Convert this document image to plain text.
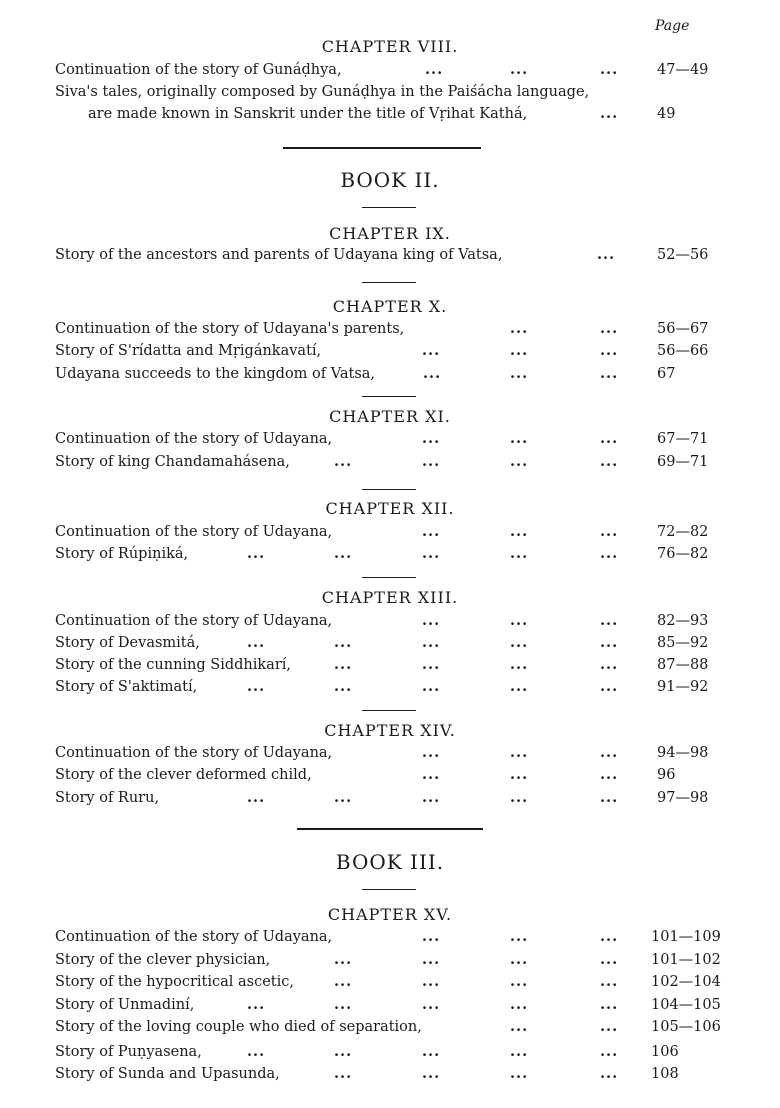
Page
CHAPTER VIII.
Continuation of the story of Gunáḍhya,	...	...	...	47—49
Siva's tales, originally composed by Gunáḍhya in the Paiśácha language,
are made known in Sanskrit under the title of Vṛihat Kathá,	...	49
BOOK II.
CHAPTER IX.
Story of the ancestors and parents of Udayana king of Vatsa,	...	52—56
CHAPTER X.
Continuation of the story of Udayana's parents,	...	...	56—67
Story of S'rídatta and Mṛigánkavatí,	...	...	...	56—66
Udayana succeeds to the kingdom of Vatsa,	...	...	...	67
CHAPTER XI.
Continuation of the story of Udayana,	...	...	...	67—71
Story of king Chandamahásena,	...	...	...	...	69—71
CHAPTER XII.
Continuation of the story of Udayana,	...	...	...	72—82
Story of Rúpiṇiká,	...	...	...	...	...	76—82
CHAPTER XIII.
Continuation of the story of Udayana,	...	...	...	82—93
Story of Devasmitá,	...	...	...	...	...	85—92
Story of the cunning Siddhikarí,	...	...	...	...	87—88
Story of S'aktimatí,	...	...	...	...	...	91—92
CHAPTER XIV.
Continuation of the story of Udayana,	...	...	...	94—98
Story of the clever deformed child,	...	...	...	96
Story of Ruru,	...	...	...	...	...	97—98
BOOK III.
CHAPTER XV.
Continuation of the story of Udayana,	...	...	... 101—109
Story of the clever physician,	...	...	...	... 101—102
Story of the hypocritical ascetic,	...	...	...	... 102—104
Story of Unmadiní,	...	...	...	...	... 104—105
Story of the loving couple who died of separation,	...	... 105—106
Story of Puṇyasena,	...	...	...	...	... 106
Story of Sunda and Upasunda,	...	...	...	... 108
